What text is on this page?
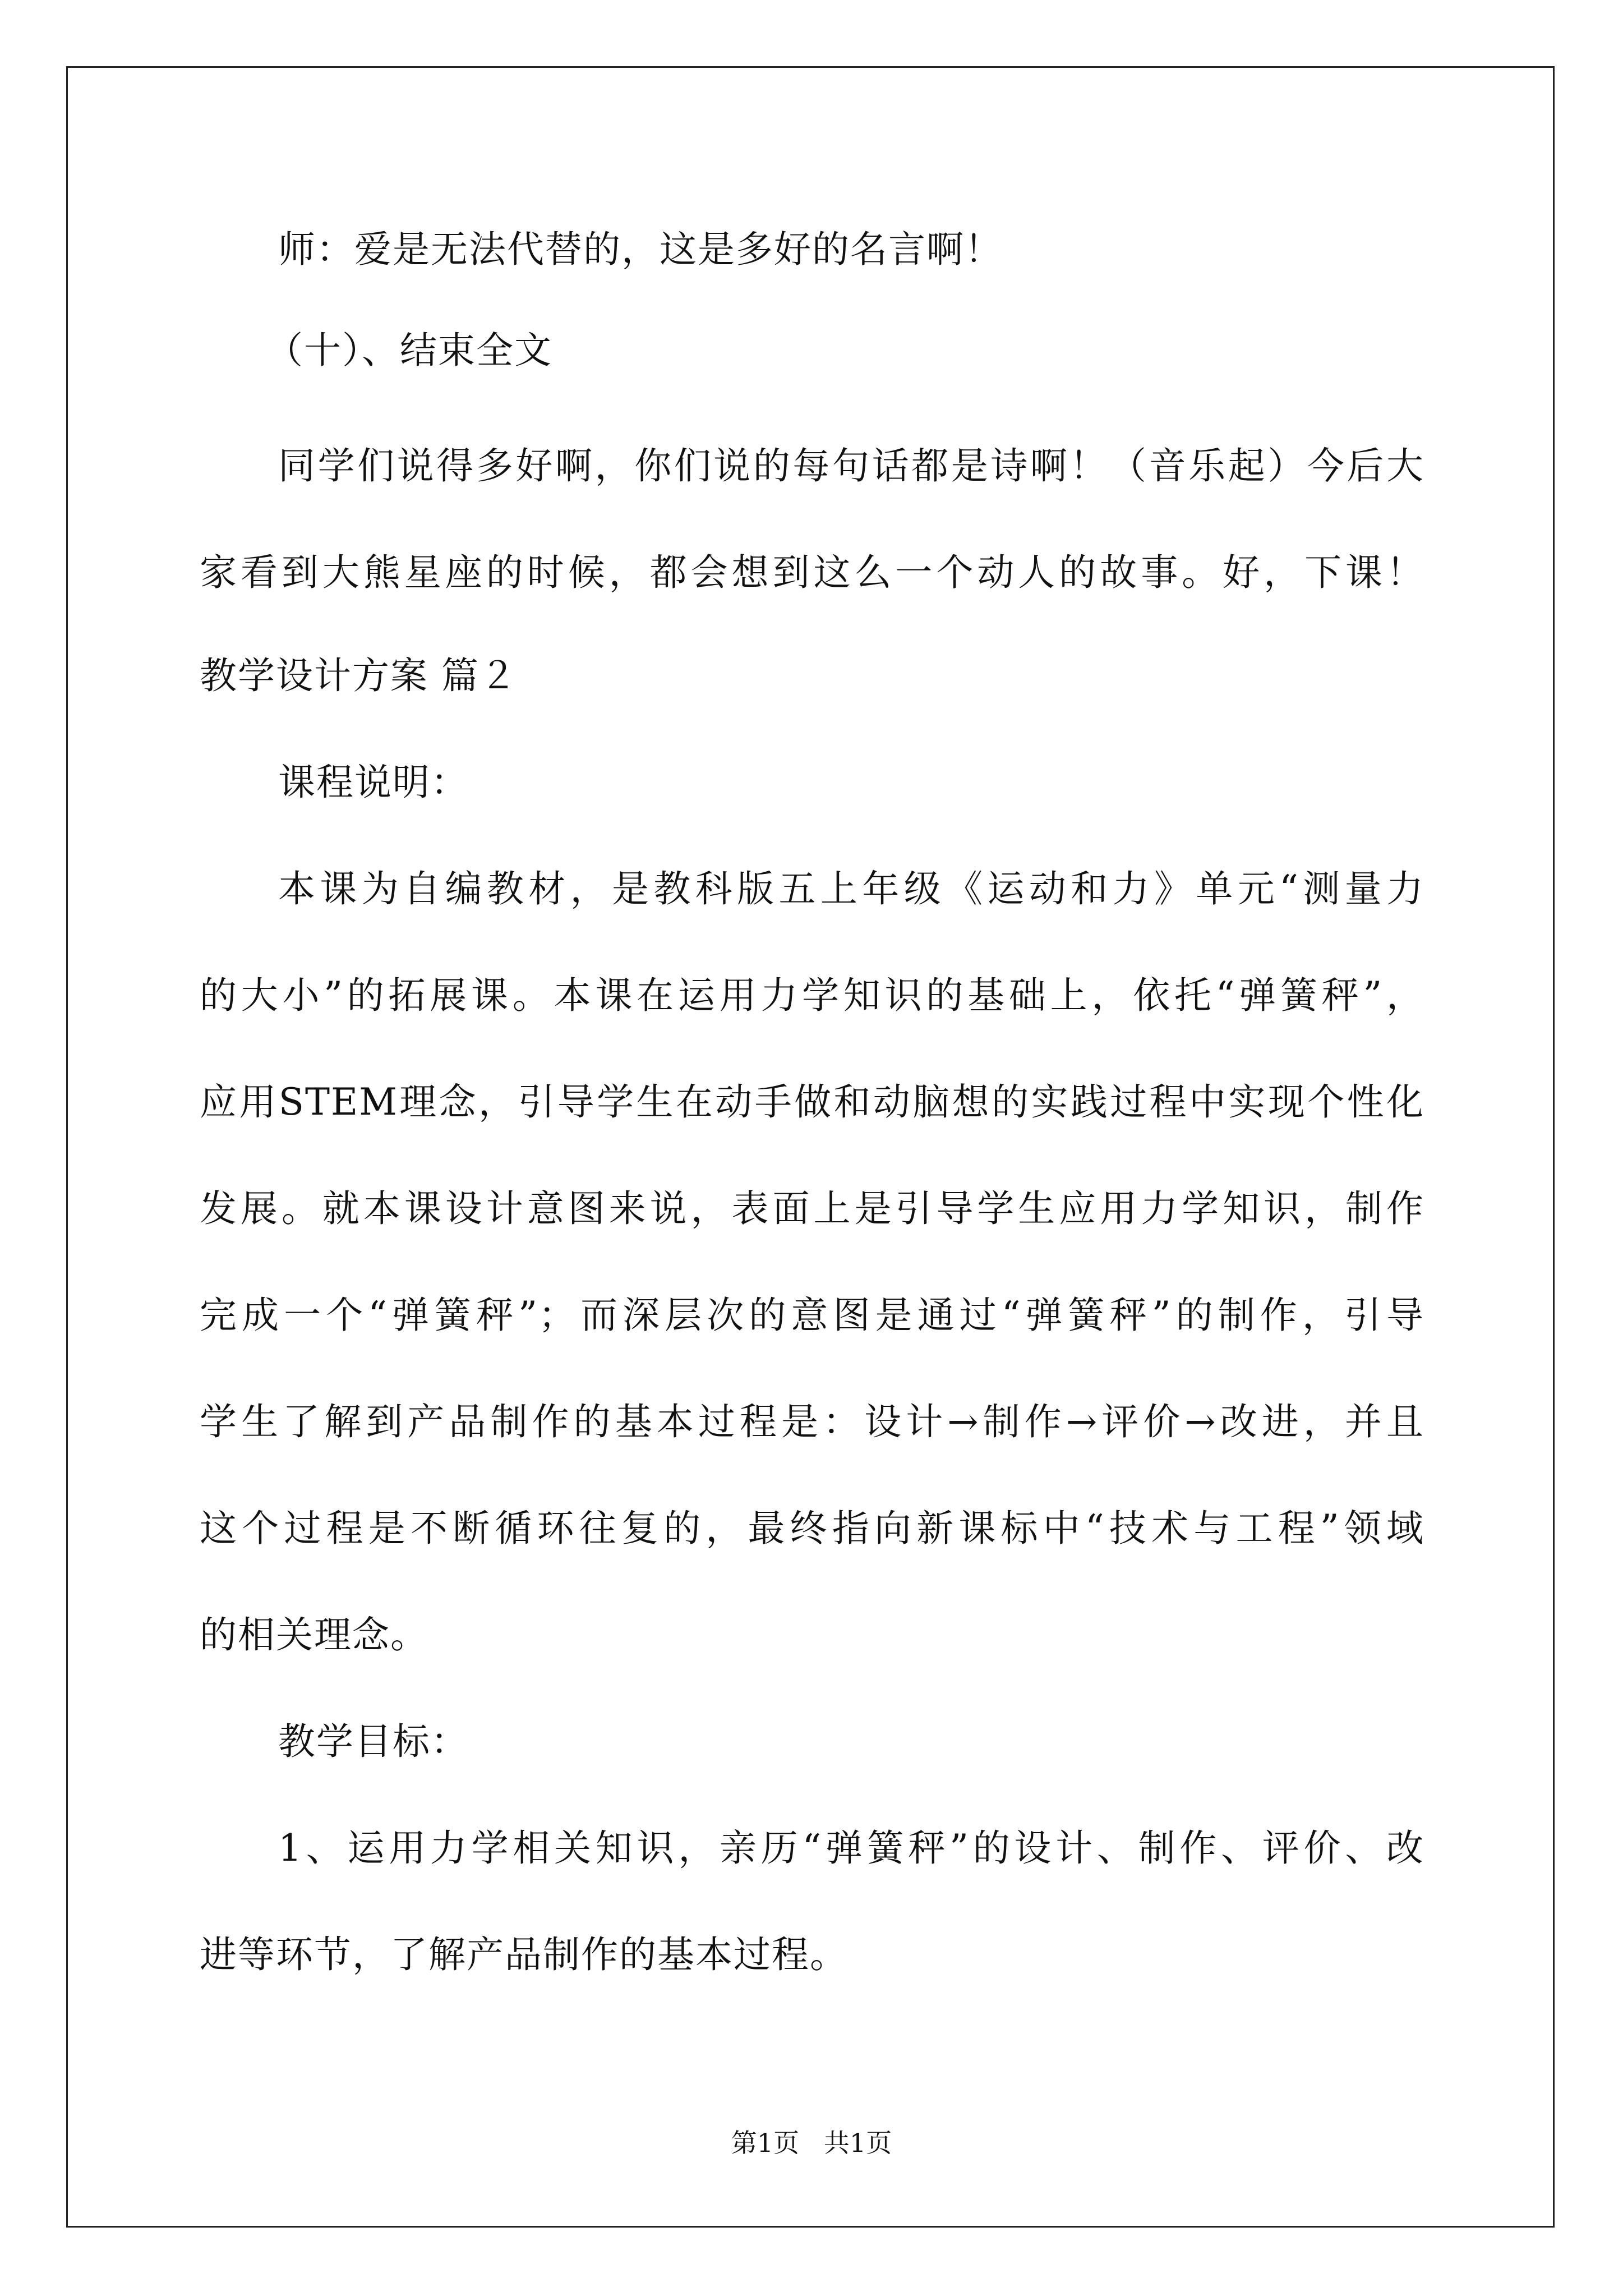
师：爱是无法代替的，这是多好的名言啊！
（十）、结束全文
同学们说得多好啊，你们说的每句话都是诗啊！（音乐起）今后大
家看到大熊星座的时候，都会想到这么一个动人的故事。好，下课！
教学设计方案 篇２
课程说明：
本课为自编教材，是教科版五上年级《运动和力》单元“测量力
的大小”的拓展课。本课在运用力学知识的基础上，依托“弹簧秤”，
应用STEM理念，引导学生在动手做和动脑想的实践过程中实现个性化
发展。就本课设计意图来说，表面上是引导学生应用力学知识，制作
完成一个“弹簧秤”；而深层次的意图是通过“弹簧秤”的制作，引导
学生了解到产品制作的基本过程是：设计→制作→评价→改进，并且
这个过程是不断循环往复的，最终指向新课标中“技术与工程”领域
的相关理念。
教学目标：
1、运用力学相关知识，亲历“弹簧秤”的设计、制作、评价、改
进等环节，了解产品制作的基本过程。
第1页   共1页
